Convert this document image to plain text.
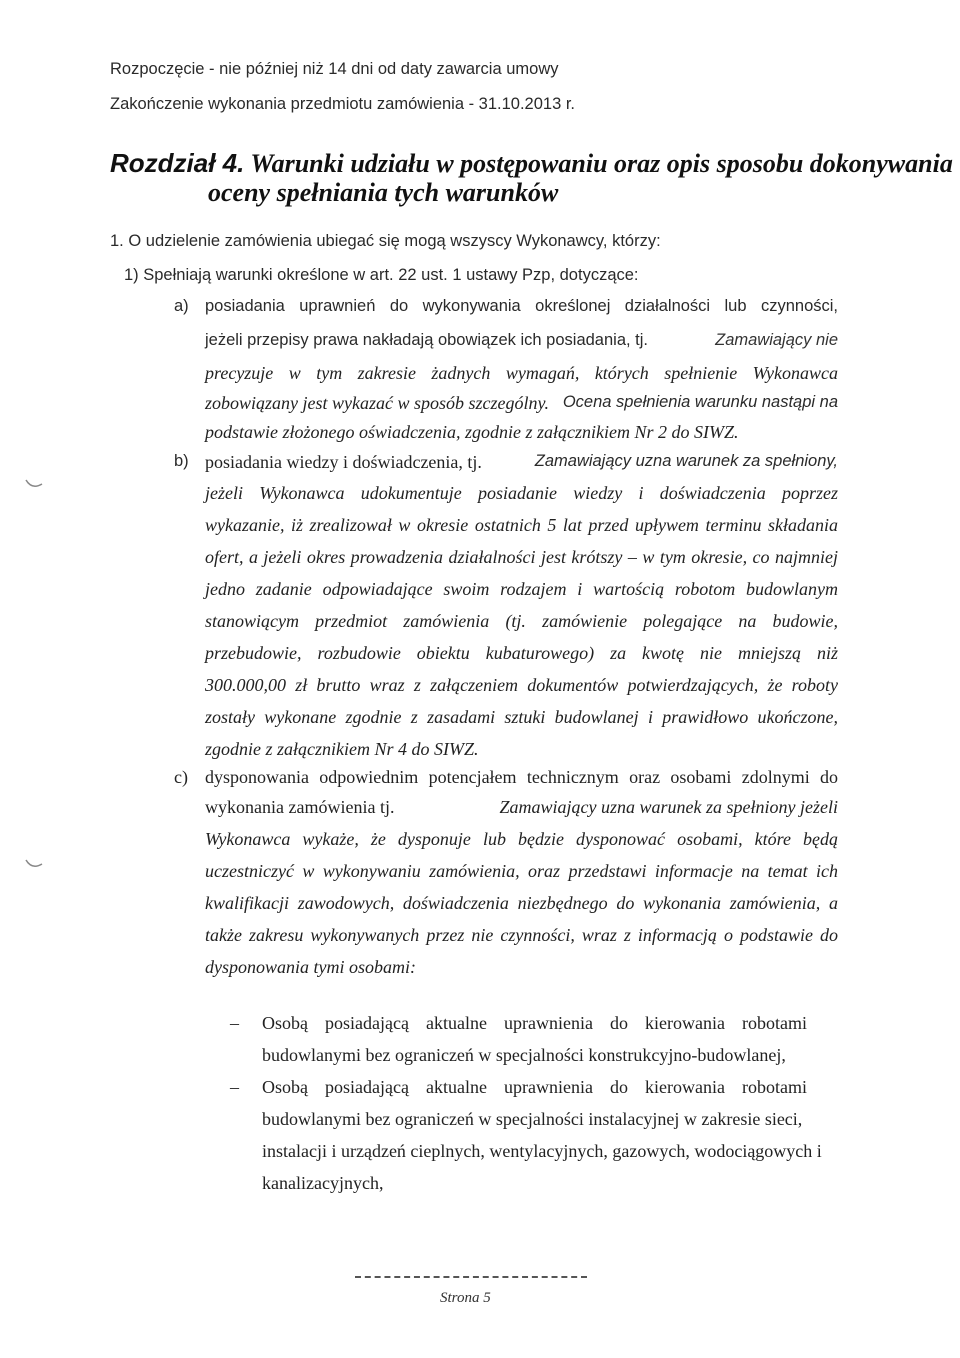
Rozpoczęcie - nie później niż 14 dni od daty zawarcia umowy
Zakończenie wykonania przedmiotu zamówienia - 31.10.2013 r.
Rozdział 4. Warunki udziału w postępowaniu oraz opis sposobu dokonywania
oceny spełniania tych warunków
1. O udzielenie zamówienia ubiegać się mogą wszyscy Wykonawcy, którzy:
1) Spełniają warunki określone w art. 22 ust. 1 ustawy Pzp, dotyczące:
a) posiadania uprawnień do wykonywania określonej działalności lub czynności,
jeżeli przepisy prawa nakładają obowiązek ich posiadania, tj.	Zamawiający nie
precyzuje w tym zakresie żadnych wymagań, których spełnienie Wykonawca
zobowiązany jest wykazać w sposób szczególny. Ocena spełnienia warunku nastąpi na
podstawie złożonego oświadczenia, zgodnie z załącznikiem Nr 2 do SIWZ.
b) posiadania wiedzy i doświadczenia, tj.	Zamawiający uzna warunek za spełniony,
jeżeli Wykonawca udokumentuje posiadanie wiedzy i doświadczenia poprzez
wykazanie, iż zrealizował w okresie ostatnich 5 lat przed upływem terminu składania
ofert, a jeżeli okres prowadzenia działalności jest krótszy – w tym okresie, co najmniej
jedno zadanie odpowiadające swoim rodzajem i wartością robotom budowlanym
stanowiącym przedmiot zamówienia (tj. zamówienie polegające na budowie,
przebudowie, rozbudowie obiektu kubaturowego) za kwotę nie mniejszą niż
300.000,00 zł brutto wraz z załączeniem dokumentów potwierdzających, że roboty
zostały wykonane zgodnie z zasadami sztuki budowlanej i prawidłowo ukończone,
zgodnie z załącznikiem Nr 4 do SIWZ.
c) dysponowania odpowiednim potencjałem technicznym oraz osobami zdolnymi do
wykonania zamówienia tj.	Zamawiający uzna warunek za spełniony jeżeli
Wykonawca wykaże, że dysponuje lub będzie dysponować osobami, które będą
uczestniczyć w wykonywaniu zamówienia, oraz przedstawi informacje na temat ich
kwalifikacji zawodowych, doświadczenia niezbędnego do wykonania zamówienia, a
także zakresu wykonywanych przez nie czynności, wraz z informacją o podstawie do
dysponowania tymi osobami:
– Osobą posiadającą aktualne uprawnienia do kierowania robotami
budowlanymi bez ograniczeń w specjalności konstrukcyjno-budowlanej,
– Osobą posiadającą aktualne uprawnienia do kierowania robotami
budowlanymi bez ograniczeń w specjalności instalacyjnej w zakresie sieci,
instalacji i urządzeń cieplnych, wentylacyjnych, gazowych, wodociągowych i
kanalizacyjnych,
Strona 5
